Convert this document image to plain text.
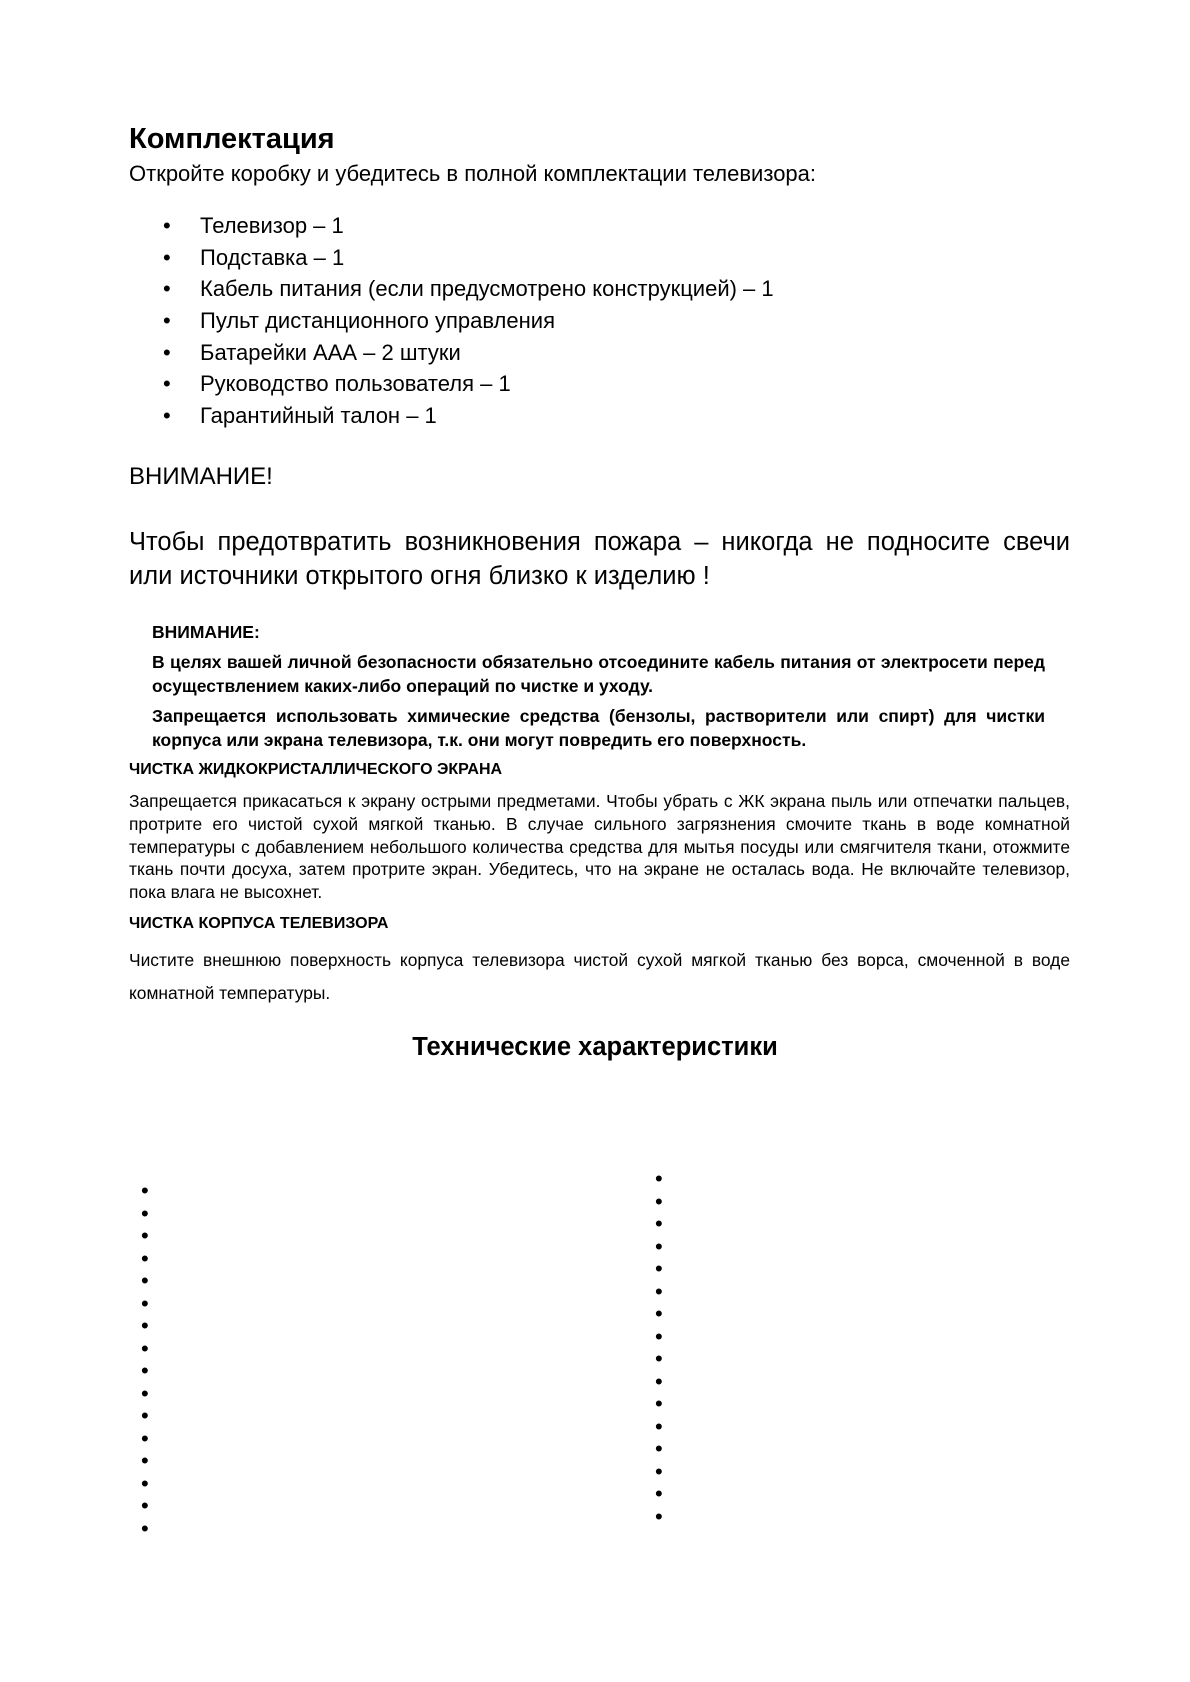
Комплектация
Откройте коробку и убедитесь в полной комплектации телевизора:
• Телевизор – 1
• Подставка – 1
• Кабель питания (если предусмотрено конструкцией) – 1
• Пульт дистанционного управления
• Батарейки ААА – 2 штуки
• Руководство пользователя – 1
• Гарантийный талон – 1
ВНИМАНИЕ!
Чтобы предотвратить возникновения пожара – никогда не подносите свечи или источники открытого огня близко к изделию !
ВНИМАНИЕ:
В целях вашей личной безопасности обязательно отсоедините кабель питания от электросети перед осуществлением каких-либо операций по чистке и уходу.
Запрещается использовать химические средства (бензолы, растворители или спирт) для чистки корпуса или экрана телевизора, т.к. они могут повредить его поверхность.
ЧИСТКА ЖИДКОКРИСТАЛЛИЧЕСКОГО ЭКРАНА
Запрещается прикасаться к экрану острыми предметами. Чтобы убрать с ЖК экрана пыль или отпечатки пальцев, протрите его чистой сухой мягкой тканью. В случае сильного загрязнения смочите ткань в воде комнатной температуры с добавлением небольшого количества средства для мытья посуды или смягчителя ткани, отожмите ткань почти досуха, затем протрите экран. Убедитесь, что на экране не осталась вода. Не включайте телевизор, пока влага не высохнет.
ЧИСТКА КОРПУСА ТЕЛЕВИЗОРА
Чистите внешнюю поверхность корпуса телевизора чистой сухой мягкой тканью без ворса, смоченной в воде комнатной температуры.
Технические характеристики
•
•
•
•
•
•
•
•
•
•
•
•
•
•
•
•
•
•
•
•
•
•
•
•
•
•
•
•
•
•
•
•
